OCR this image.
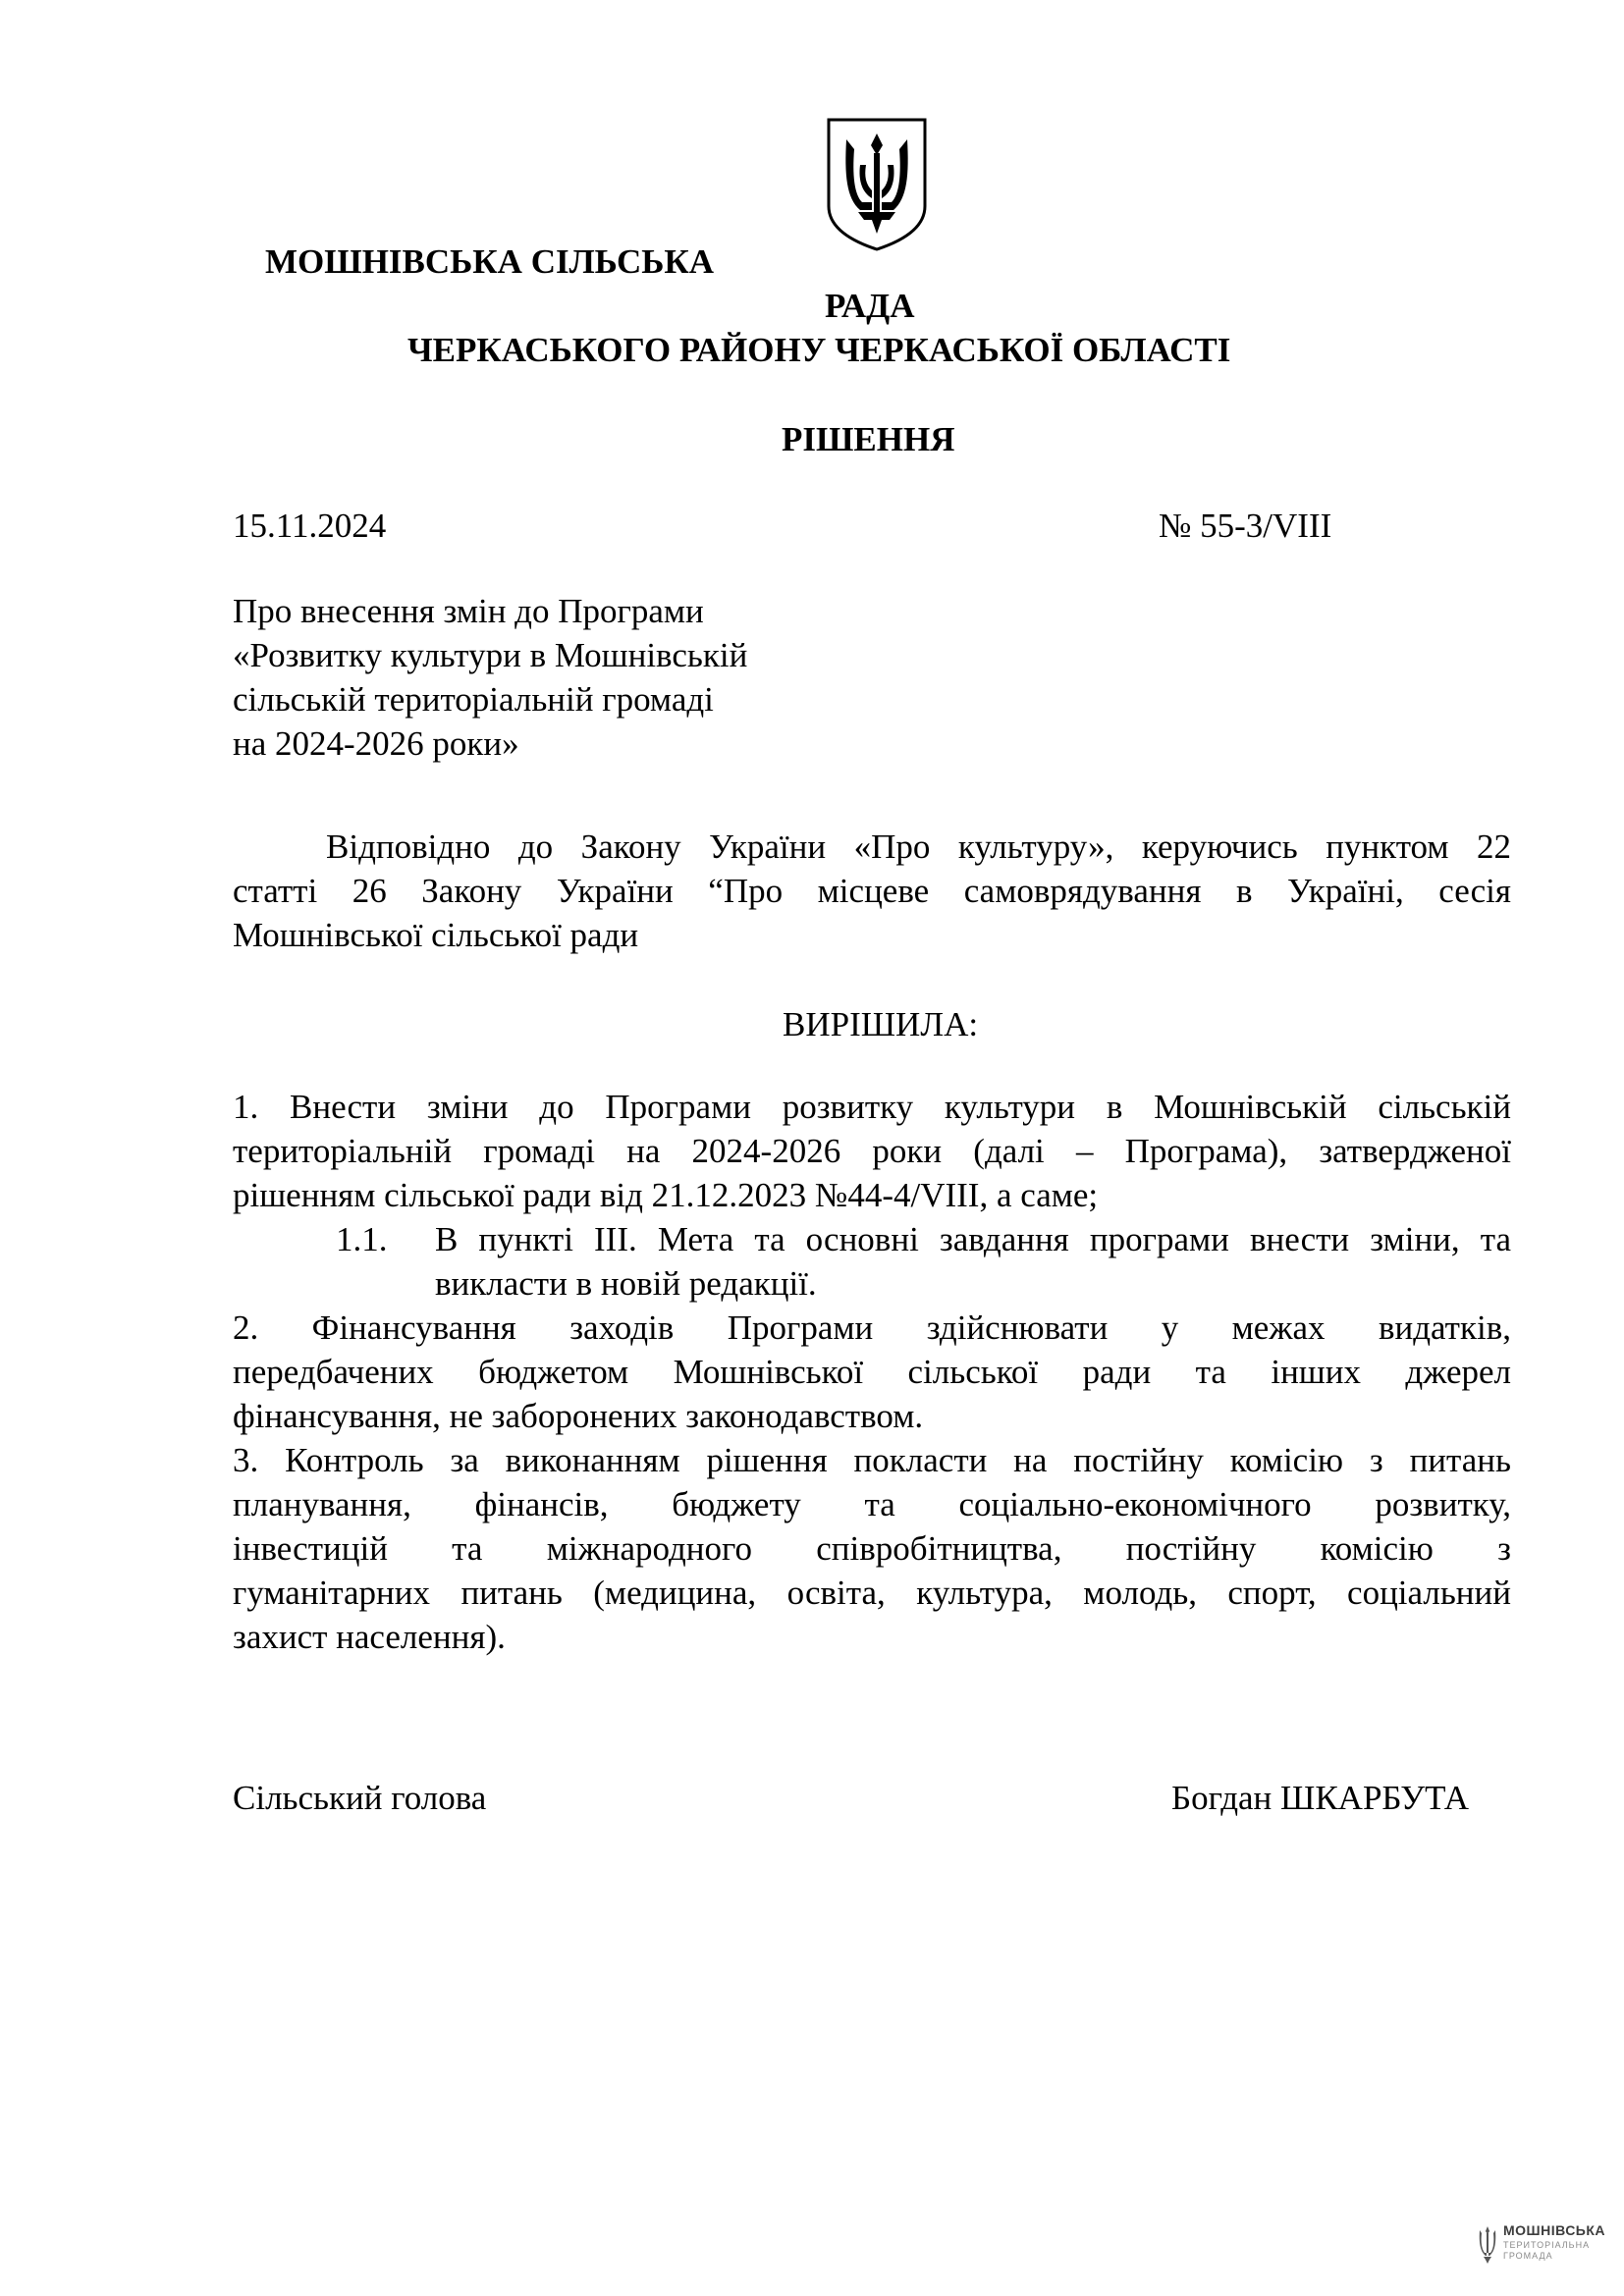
МОШНІВСЬКА СІЛЬСЬКА
РАДА
ЧЕРКАСЬКОГО РАЙОНУ ЧЕРКАСЬКОЇ ОБЛАСТІ
РІШЕННЯ
15.11.2024	№ 55-3/VIII
Про внесення змін до Програми
«Розвитку культури в Мошнівській
сільській територіальній громаді
на 2024-2026 роки»
Відповідно до Закону України «Про культуру», керуючись пунктом 22
статті 26 Закону України “Про місцеве самоврядування в Україні, сесія
Мошнівської сільської ради
ВИРІШИЛА:
1. Внести зміни до Програми розвитку культури в Мошнівській сільській
територіальній громаді на 2024-2026 роки (далі – Програма), затвердженої
рішенням сільської ради від 21.12.2023 №44-4/VIII, а саме;
1.1. В пункті ІІІ. Мета та основні завдання програми внести зміни, та
викласти в новій редакції.
2. Фінансування заходів Програми здійснювати у межах видатків,
передбачених бюджетом Мошнівської сільської ради та інших джерел
фінансування, не заборонених законодавством.
3. Контроль за виконанням рішення покласти на постійну комісію з питань
планування, фінансів, бюджету та соціально-економічного розвитку,
інвестицій та міжнародного співробітництва, постійну комісію з
гуманітарних питань (медицина, освіта, культура, молодь, спорт, соціальний
захист населення).
Сільський голова	Богдан ШКАРБУТА
МОШНІВСЬКА
ТЕРИТОРІАЛЬНА
ГРОМАДА
